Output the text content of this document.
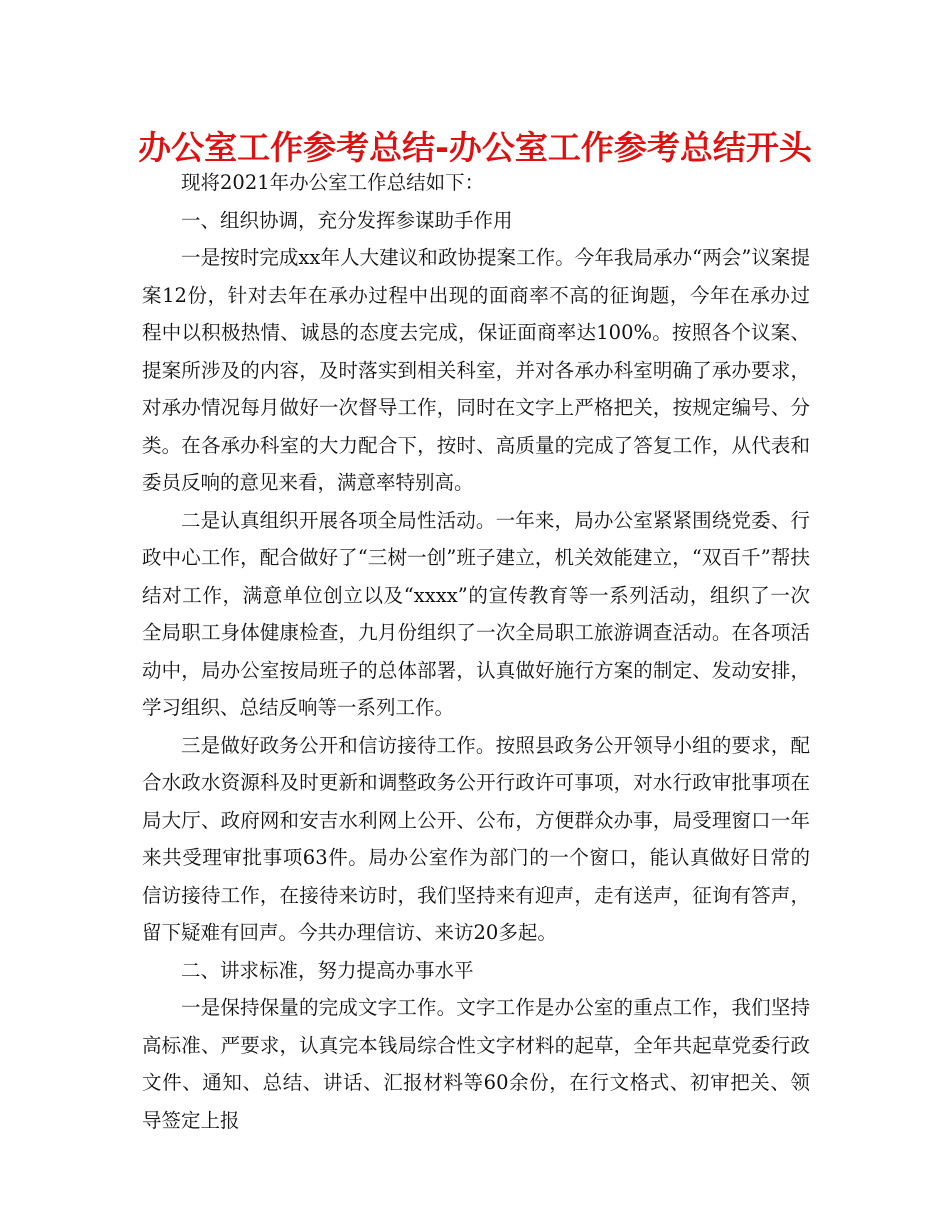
办公室工作参考总结-办公室工作参考总结开头

现将2021年办公室工作总结如下：

一、组织协调，充分发挥参谋助手作用

一是按时完成xx年人大建议和政协提案工作。今年我局承办“两会”议案提案12份，针对去年在承办过程中出现的面商率不高的征询题，今年在承办过程中以积极热情、诚恳的态度去完成，保证面商率达100%。按照各个议案、提案所涉及的内容，及时落实到相关科室，并对各承办科室明确了承办要求，对承办情况每月做好一次督导工作，同时在文字上严格把关，按规定编号、分类。在各承办科室的大力配合下，按时、高质量的完成了答复工作，从代表和委员反响的意见来看，满意率特别高。

二是认真组织开展各项全局性活动。一年来，局办公室紧紧围绕党委、行政中心工作，配合做好了“三树一创”班子建立，机关效能建立，“双百千”帮扶结对工作，满意单位创立以及“xxxx”的宣传教育等一系列活动，组织了一次全局职工身体健康检查，九月份组织了一次全局职工旅游调查活动。在各项活动中，局办公室按局班子的总体部署，认真做好施行方案的制定、发动安排，学习组织、总结反响等一系列工作。

三是做好政务公开和信访接待工作。按照县政务公开领导小组的要求，配合水政水资源科及时更新和调整政务公开行政许可事项，对水行政审批事项在局大厅、政府网和安吉水利网上公开、公布，方便群众办事，局受理窗口一年来共受理审批事项63件。局办公室作为部门的一个窗口，能认真做好日常的信访接待工作，在接待来访时，我们坚持来有迎声，走有送声，征询有答声，留下疑难有回声。今共办理信访、来访20多起。

二、讲求标准，努力提高办事水平

一是保持保量的完成文字工作。文字工作是办公室的重点工作，我们坚持高标准、严要求，认真完本钱局综合性文字材料的起草，全年共起草党委行政文件、通知、总结、讲话、汇报材料等60余份，在行文格式、初审把关、领导签定上报
